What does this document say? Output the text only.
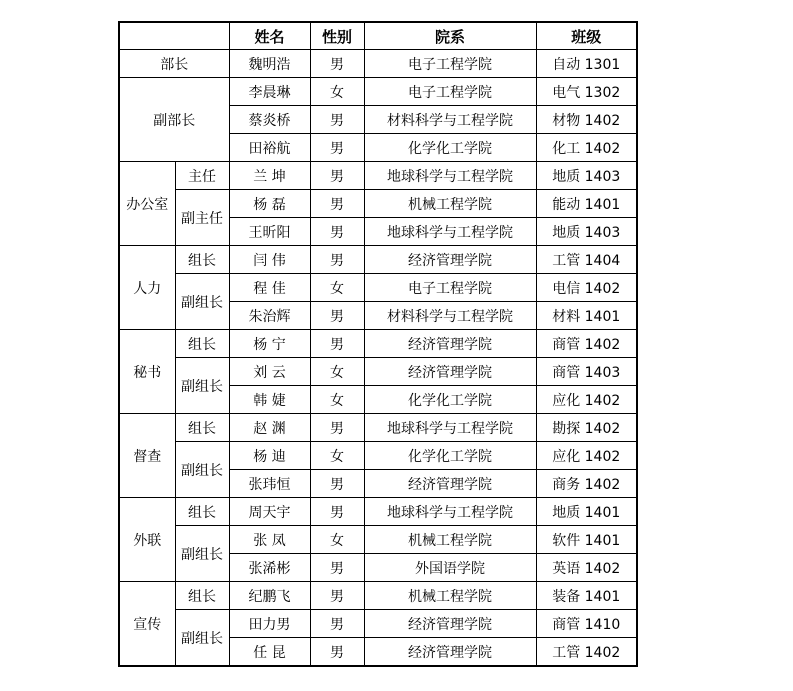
		姓名	性别	院系	班级
部长		魏明浩	男	电子工程学院	自动 1301
副部长		李晨琳	女	电子工程学院	电气 1302
		蔡炎桥	男	材料科学与工程学院	材物 1402
		田裕航	男	化学化工学院	化工 1402
办公室	主任	兰 坤	男	地球科学与工程学院	地质 1403
	副主任	杨 磊	男	机械工程学院	能动 1401
		王昕阳	男	地球科学与工程学院	地质 1403
人力	组长	闫 伟	男	经济管理学院	工管 1404
	副组长	程 佳	女	电子工程学院	电信 1402
		朱治辉	男	材料科学与工程学院	材料 1401
秘书	组长	杨 宁	男	经济管理学院	商管 1402
	副组长	刘 云	女	经济管理学院	商管 1403
		韩 婕	女	化学化工学院	应化 1402
督查	组长	赵 渊	男	地球科学与工程学院	勘探 1402
	副组长	杨 迪	女	化学化工学院	应化 1402
		张玮恒	男	经济管理学院	商务 1402
外联	组长	周天宇	男	地球科学与工程学院	地质 1401
	副组长	张 凤	女	机械工程学院	软件 1401
		张浠彬	男	外国语学院	英语 1402
宣传	组长	纪鹏飞	男	机械工程学院	装备 1401
	副组长	田力男	男	经济管理学院	商管 1410
		任 昆	男	经济管理学院	工管 1402
